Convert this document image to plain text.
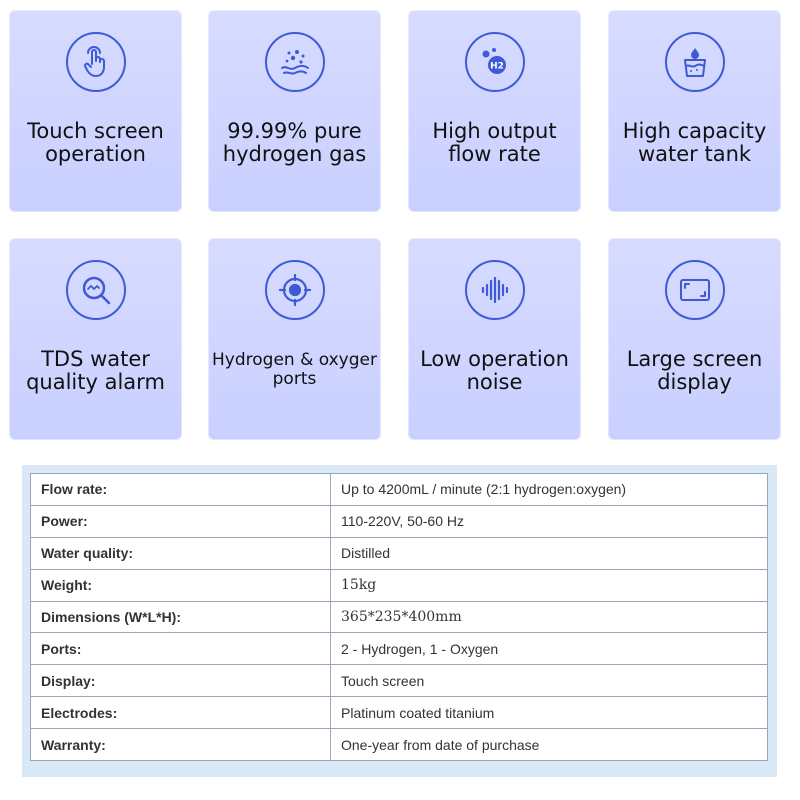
Touch screen
operation
99.99% pure
hydrogen gas
H2
High output
flow rate
High capacity
water tank
TDS water
quality alarm
Hydrogen & oxyger
ports
Low operation
noise
Large screen
display
Flow rate:	Up to 4200mL / minute (2:1 hydrogen:oxygen)
Power:	110-220V, 50-60 Hz
Water quality:	Distilled
Weight:	15kg
Dimensions (W*L*H):	365*235*400mm
Ports:	2 - Hydrogen, 1 - Oxygen
Display:	Touch screen
Electrodes:	Platinum coated titanium
Warranty:	One-year from date of purchase
